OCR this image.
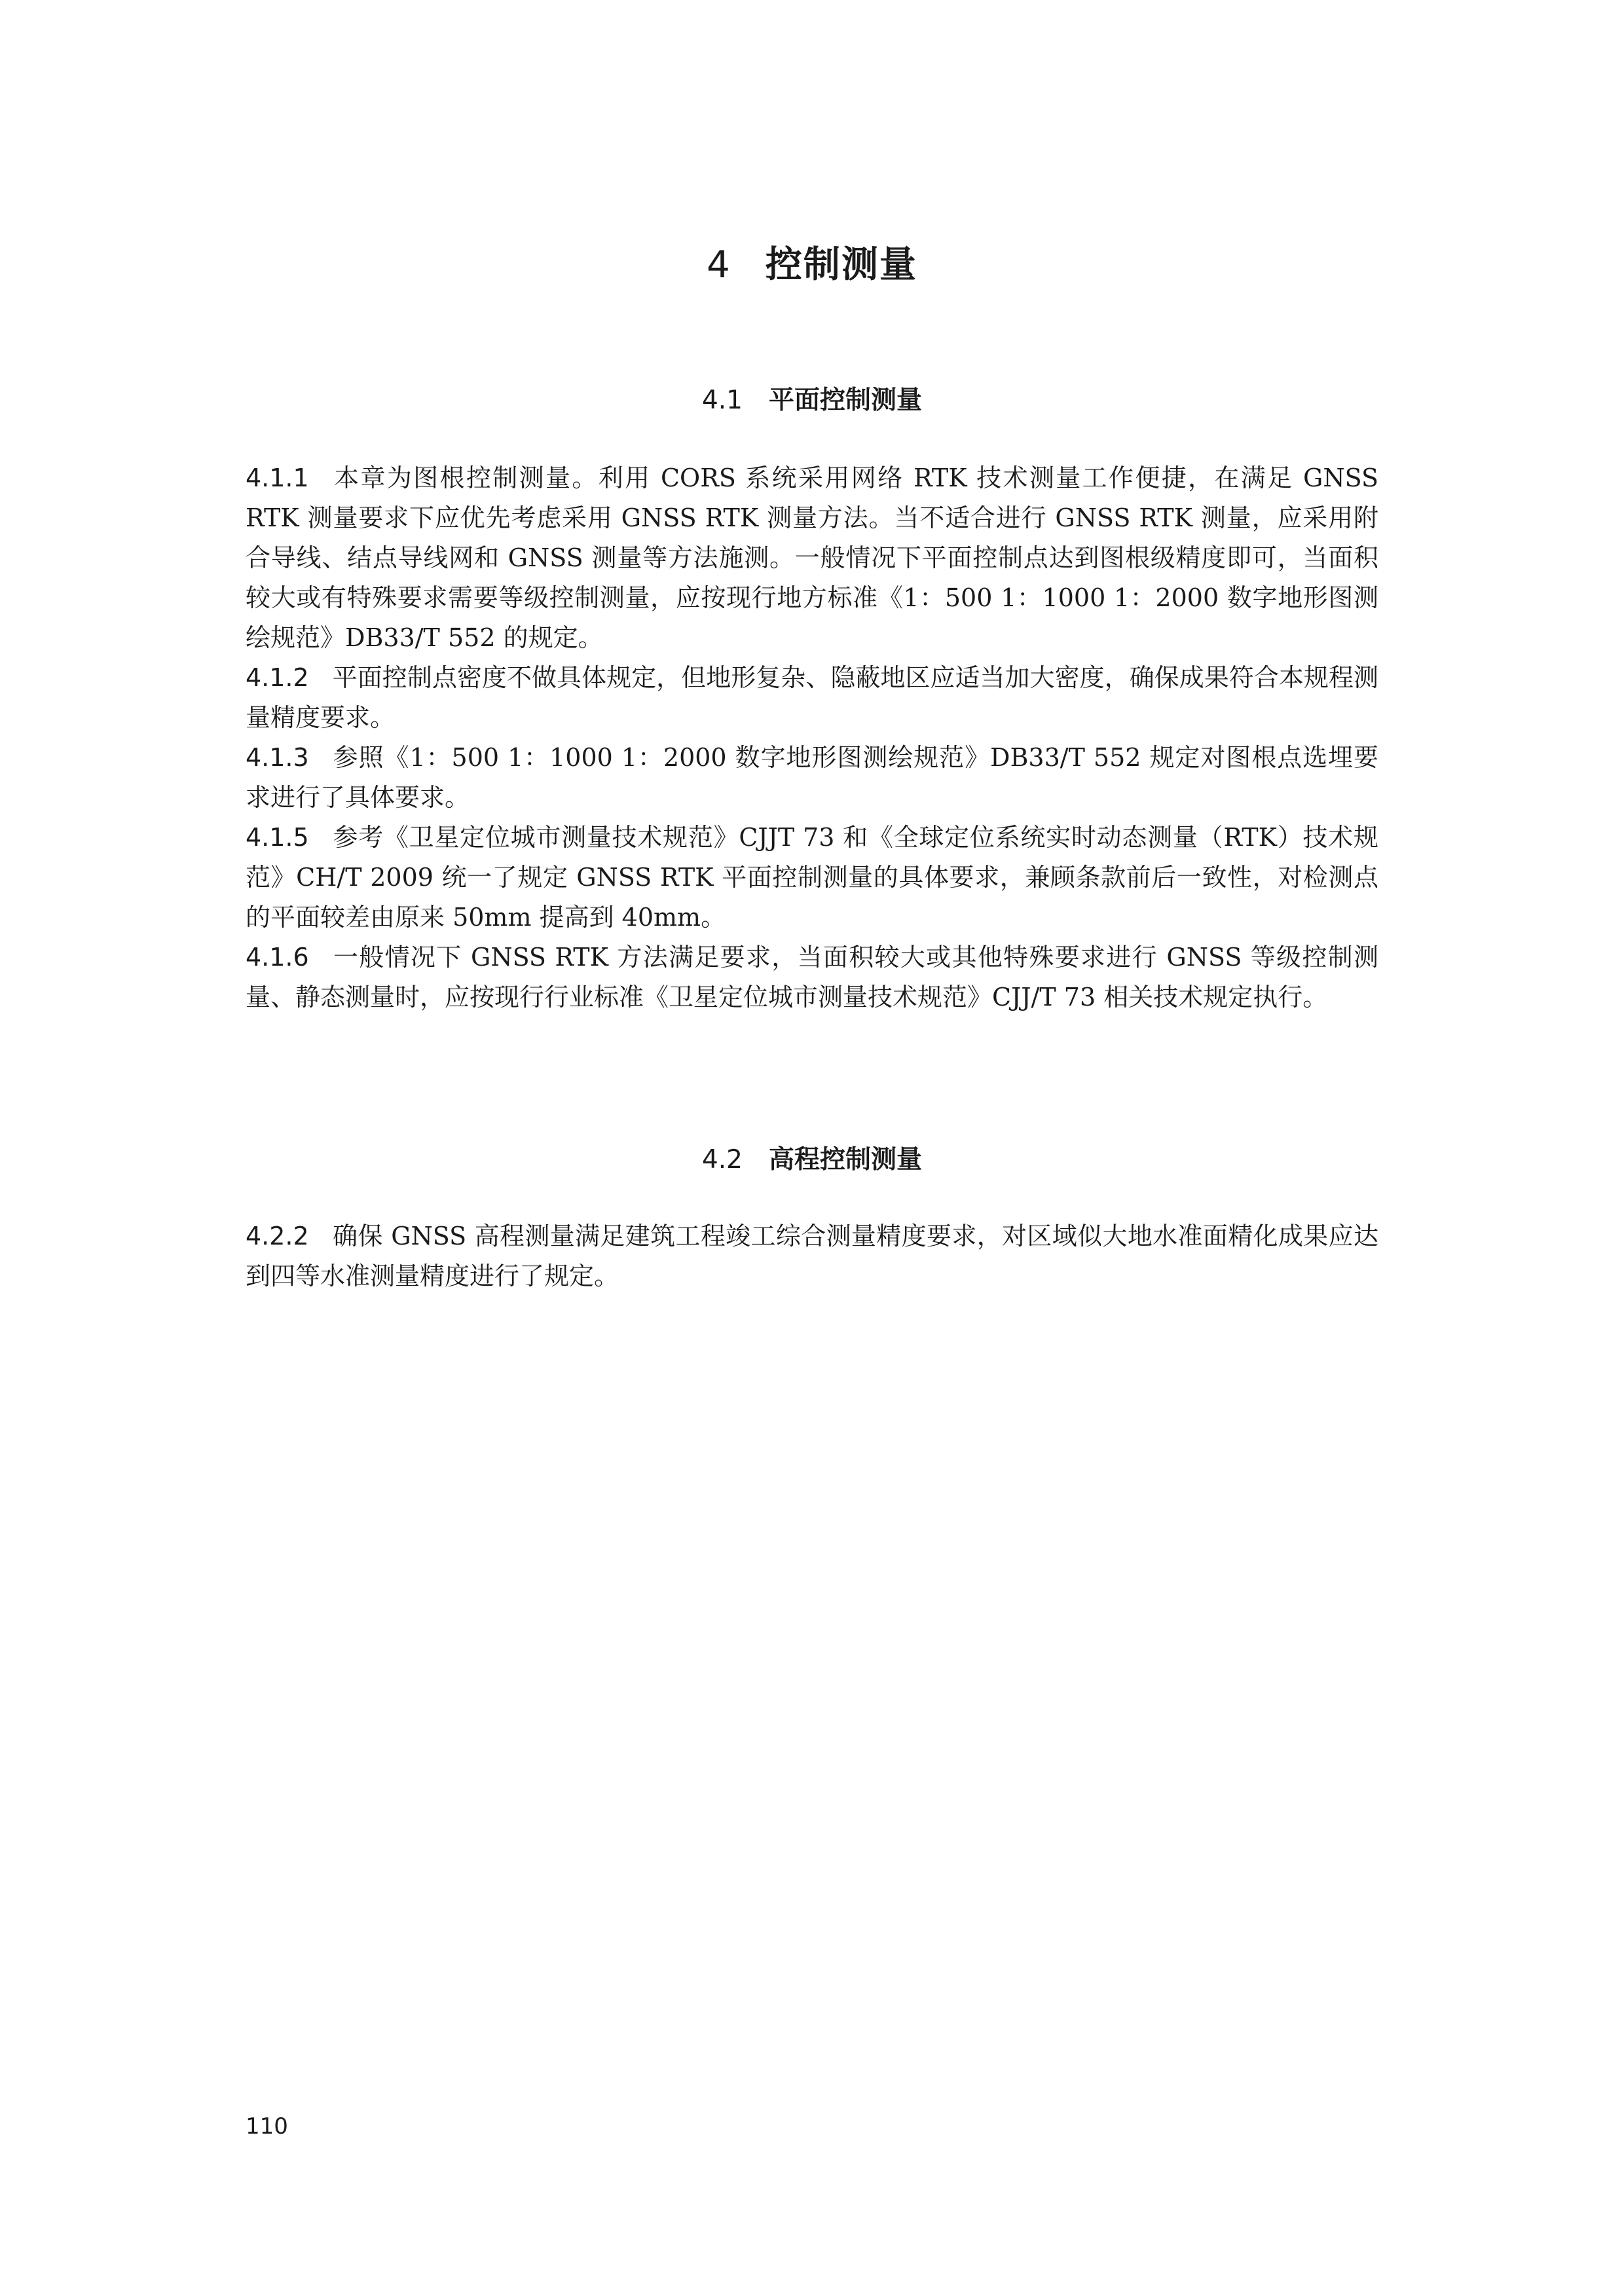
4 控制测量
4.1 平面控制测量

4.1.1 本章为图根控制测量。利用 CORS 系统采用网络 RTK 技术测量工作便捷，在满足 GNSS RTK 测量要求下应优先考虑采用 GNSS RTK 测量方法。当不适合进行 GNSS RTK 测量，应采用附合导线、结点导线网和 GNSS 测量等方法施测。一般情况下平面控制点达到图根级精度即可，当面积较大或有特殊要求需要等级控制测量，应按现行地方标准《1：500 1：1000 1：2000 数字地形图测绘规范》DB33/T 552 的规定。

4.1.2 平面控制点密度不做具体规定，但地形复杂、隐蔽地区应适当加大密度，确保成果符合本规程测量精度要求。

4.1.3 参照《1：500 1：1000 1：2000 数字地形图测绘规范》DB33/T 552 规定对图根点选埋要求进行了具体要求。

4.1.5 参考《卫星定位城市测量技术规范》CJJT 73 和《全球定位系统实时动态测量（RTK）技术规范》CH/T 2009 统一了规定 GNSS RTK 平面控制测量的具体要求，兼顾条款前后一致性，对检测点的平面较差由原来 50mm 提高到 40mm。

4.1.6 一般情况下 GNSS RTK 方法满足要求，当面积较大或其他特殊要求进行 GNSS 等级控制测量、静态测量时，应按现行行业标准《卫星定位城市测量技术规范》CJJ/T 73 相关技术规定执行。

4.2 高程控制测量

4.2.2 确保 GNSS 高程测量满足建筑工程竣工综合测量精度要求，对区域似大地水准面精化成果应达到四等水准测量精度进行了规定。

110
